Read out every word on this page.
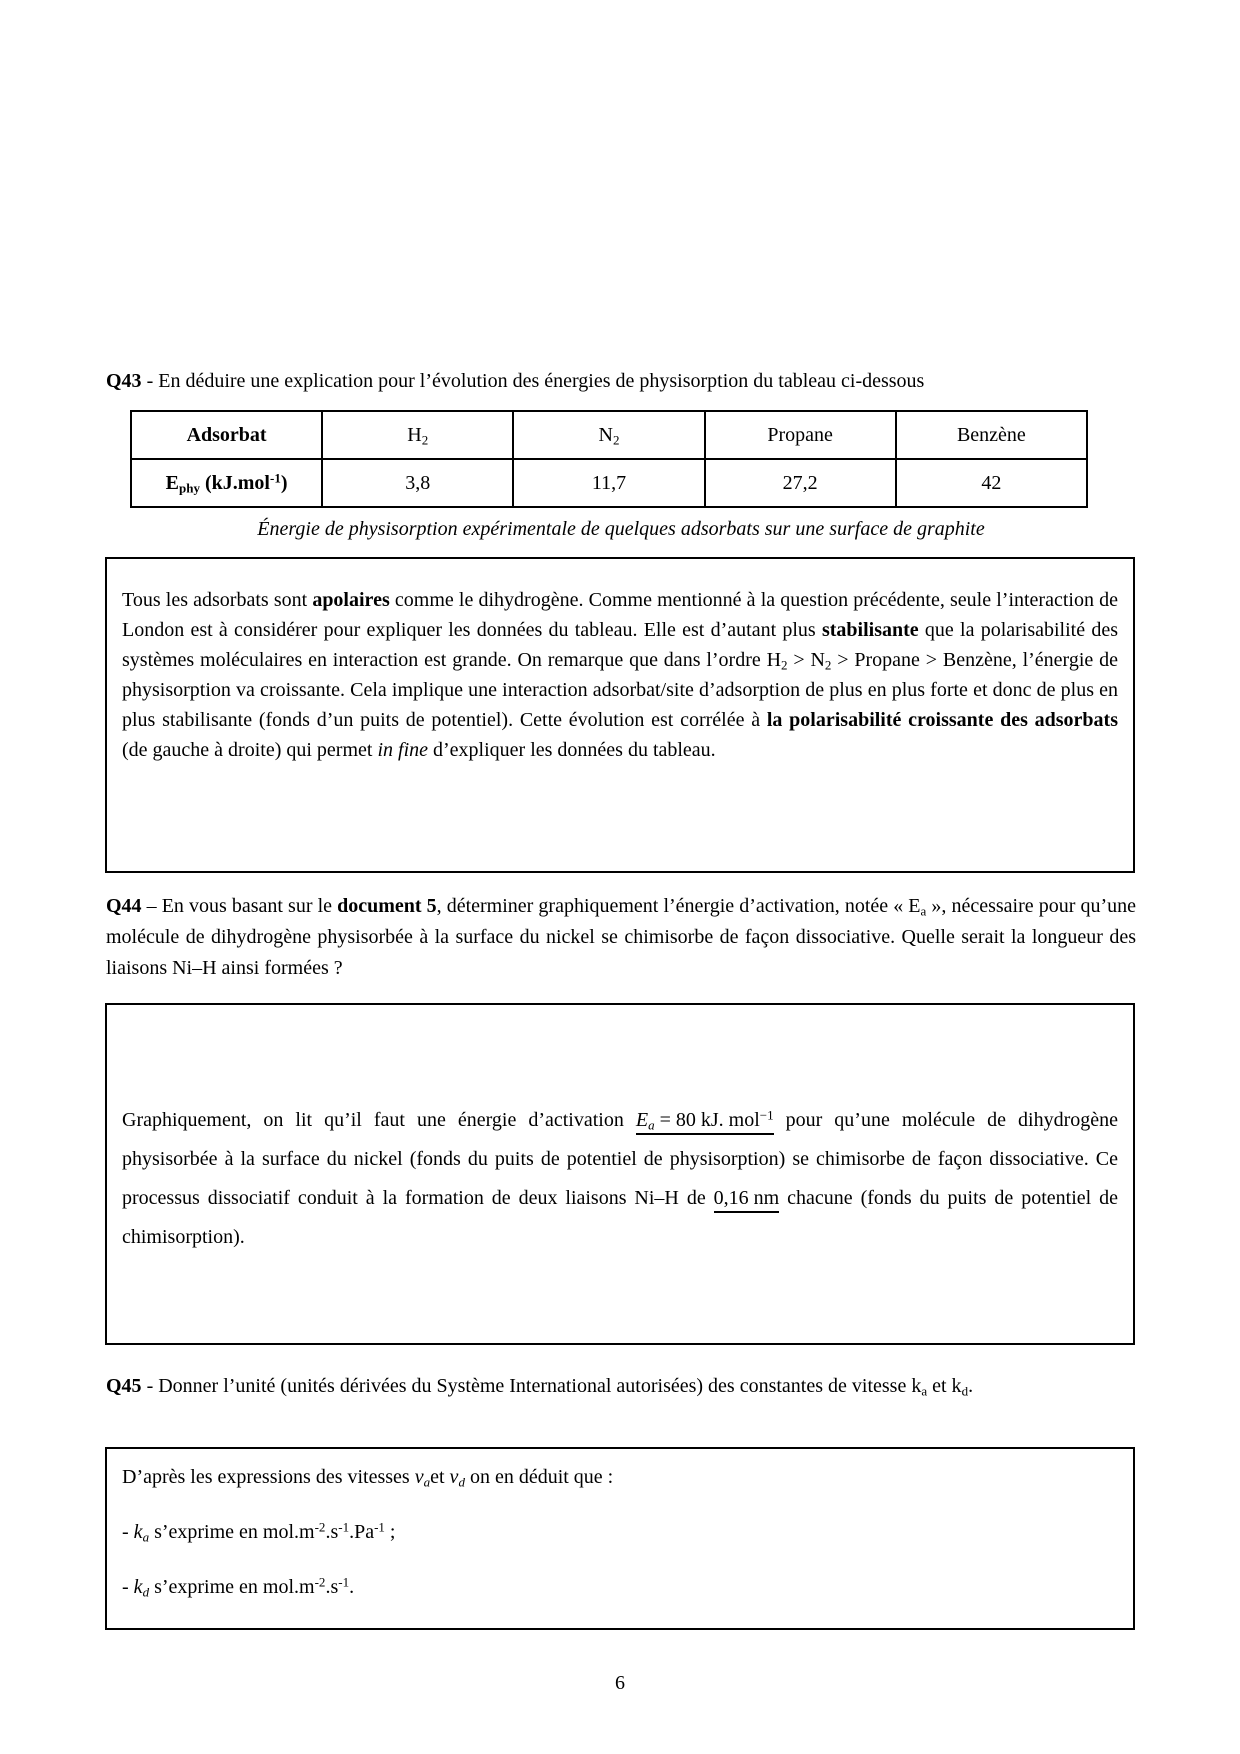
Q43 - En déduire une explication pour l’évolution des énergies de physisorption du tableau ci-dessous

Adsorbat	H2	N2	Propane	Benzène
Ephy (kJ.mol$^{-1}$)	3,8	11,7	27,2	42

Énergie de physisorption expérimentale de quelques adsorbats sur une surface de graphite

Tous les adsorbats sont apolaires comme le dihydrogène. Comme mentionné à la question précédente, seule l’interaction de London est à considérer pour expliquer les données du tableau. Elle est d’autant plus stabilisante que la polarisabilité des systèmes moléculaires en interaction est grande. On remarque que dans l’ordre H2 > N2 > Propane > Benzène, l’énergie de physisorption va croissante. Cela implique une interaction adsorbat/site d’adsorption de plus en plus forte et donc de plus en plus stabilisante (fonds d’un puits de potentiel). Cette évolution est corrélée à la polarisabilité croissante des adsorbats (de gauche à droite) qui permet in fine d’expliquer les données du tableau.

Q44 – En vous basant sur le document 5, déterminer graphiquement l’énergie d’activation, notée « Ea », nécessaire pour qu’une molécule de dihydrogène physisorbée à la surface du nickel se chimisorbe de façon dissociative. Quelle serait la longueur des liaisons Ni–H ainsi formées ?

Graphiquement, on lit qu’il faut une énergie d’activation Ea = 80 kJ. mol$^{-1}$ pour qu’une molécule de dihydrogène physisorbée à la surface du nickel (fonds du puits de potentiel de physisorption) se chimisorbe de façon dissociative. Ce processus dissociatif conduit à la formation de deux liaisons Ni–H de 0,16 nm chacune (fonds du puits de potentiel de chimisorption).

Q45 - Donner l’unité (unités dérivées du Système International autorisées) des constantes de vitesse ka et kd.

D’après les expressions des vitesses vaet vd on en déduit que :

- ka s’exprime en $mol.m^{-2}.s^{-1}.Pa^{-1}$ ;

- kd s’exprime en $mol.m^{-2}.s^{-1}$.

6
